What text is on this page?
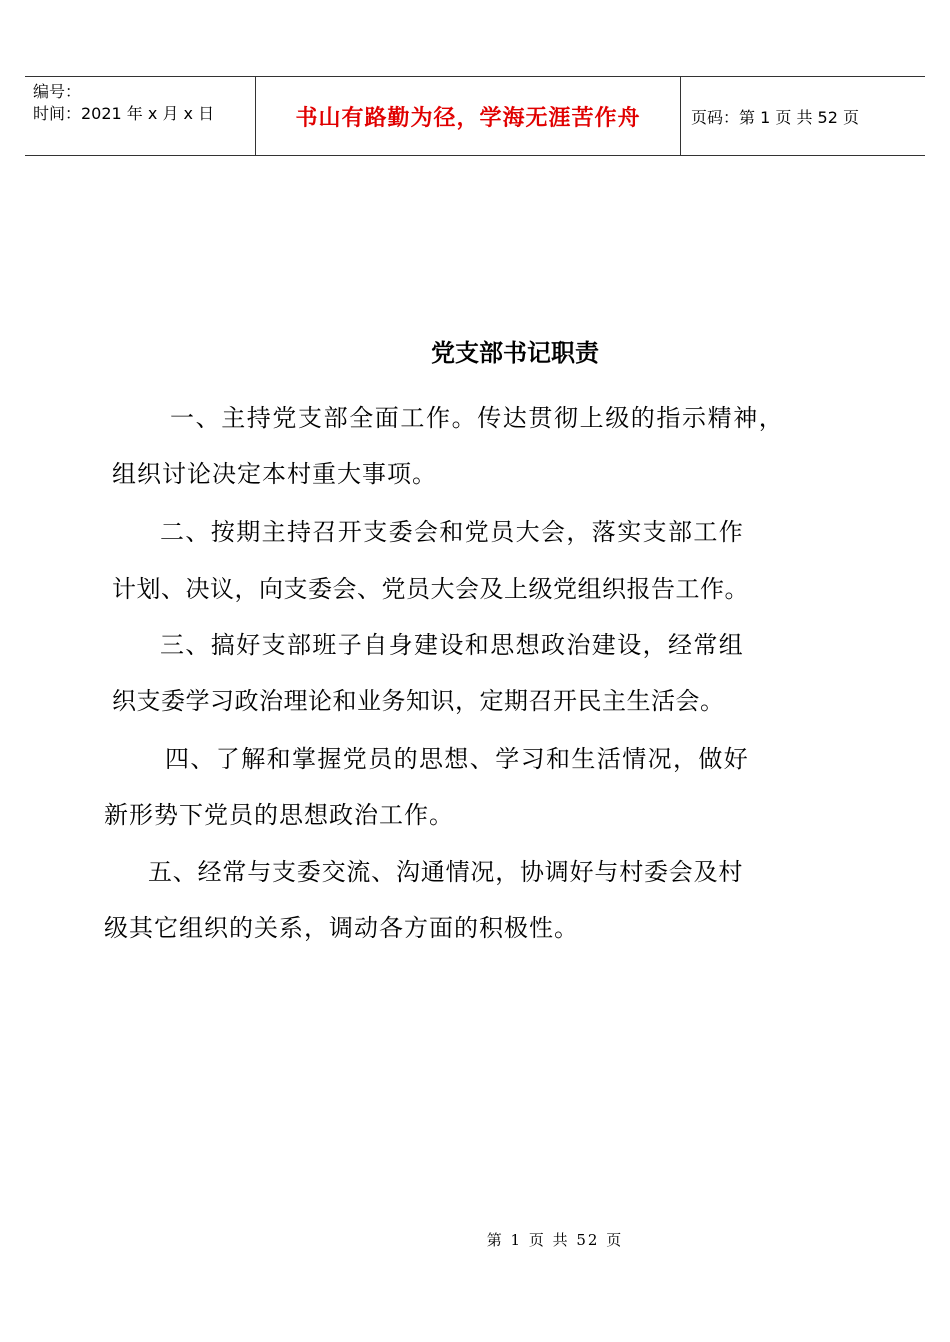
编号：
时间：2021 年 x 月 x 日	书山有路勤为径，学海无涯苦作舟	页码：第 1 页 共 52 页
党支部书记职责
一、主持党支部全面工作。传达贯彻上级的指示精神，
组织讨论决定本村重大事项。
二、按期主持召开支委会和党员大会，落实支部工作
计划、决议，向支委会、党员大会及上级党组织报告工作。
三、搞好支部班子自身建设和思想政治建设，经常组
织支委学习政治理论和业务知识，定期召开民主生活会。
四、了解和掌握党员的思想、学习和生活情况，做好
新形势下党员的思想政治工作。
五、经常与支委交流、沟通情况，协调好与村委会及村
级其它组织的关系，调动各方面的积极性。
第 1 页 共 52 页
